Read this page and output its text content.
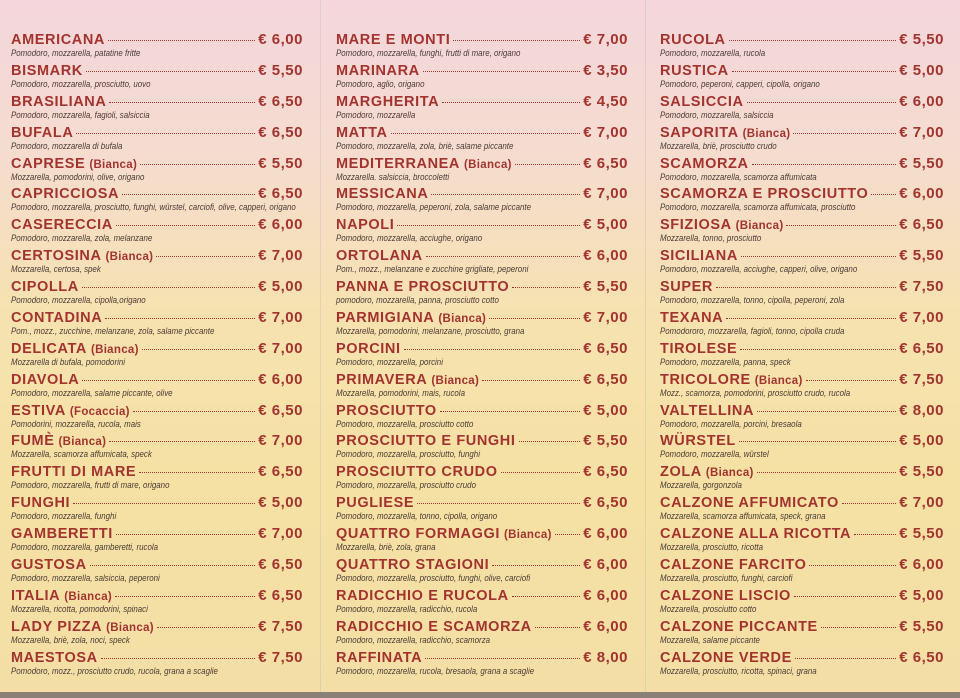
AMERICANA	€ 6,00
Pomodoro, mozzarella, patatine fritte
BISMARK	€ 5,50
Pomodoro, mozzarella, prosciutto, uovo
BRASILIANA	€ 6,50
Pomodoro, mozzarella, fagioli, salsiccia
BUFALA	€ 6,50
Pomodoro, mozzarella di bufala
CAPRESE (Bianca)	€ 5,50
Mozzarella, pomodorini, olive, origano
CAPRICCIOSA	€ 6,50
Pomodoro, mozzarella, prosciutto, funghi, würstel, carciofi, olive, capperi, origano
CASERECCIA	€ 6,00
Pomodoro, mozzarella, zola, melanzane
CERTOSINA (Bianca)	€ 7,00
Mozzarella, certosa, spek
CIPOLLA	€ 5,00
Pomodoro, mozzarella, cipolla,origano
CONTADINA	€ 7,00
Pom., mozz., zucchine, melanzane, zola, salame piccante
DELICATA (Bianca)	€ 7,00
Mozzarella di bufala, pomodorini
DIAVOLA	€ 6,00
Pomodoro, mozzarella, salame piccante, olive
ESTIVA (Focaccia)	€ 6,50
Pomodorini, mozzarella, rucola, mais
FUMÈ (Bianca)	€ 7,00
Mozzarella, scamorza affumicata, speck
FRUTTI DI MARE	€ 6,50
Pomodoro, mozzarella, frutti di mare, origano
FUNGHI	€ 5,00
Pomodoro, mozzarella, funghi
GAMBERETTI	€ 7,00
Pomodoro, mozzarella, gamberetti, rucola
GUSTOSA	€ 6,50
Pomodoro, mozzarella, salsiccia, peperoni
ITALIA (Bianca)	€ 6,50
Mozzarella, ricotta, pomodorini, spinaci
LADY PIZZA (Bianca)	€ 7,50
Mozzarella, briè, zola, noci, speck
MAESTOSA	€ 7,50
Pomodoro, mozz., prosciutto crudo, rucola, grana a scaglie
MARE E MONTI	€ 7,00
Pomodoro, mozzarella, funghi, frutti di mare, origano
MARINARA	€ 3,50
Pomodoro, aglio, origano
MARGHERITA	€ 4,50
Pomodoro, mozzarella
MATTA	€ 7,00
Pomodoro, mozzarella, zola, briè, salame piccante
MEDITERRANEA (Bianca)	€ 6,50
Mozzarella. salsiccia, broccoletti
MESSICANA	€ 7,00
Pomodoro, mozzarella, peperoni, zola, salame piccante
NAPOLI	€ 5,00
Pomodoro, mozzarella, acciughe, origano
ORTOLANA	€ 6,00
Pom., mozz., melanzane e zucchine grigliate, peperoni
PANNA E PROSCIUTTO	€ 5,50
pomodoro, mozzarella, panna, prosciutto cotto
PARMIGIANA (Bianca)	€ 7,00
Mozzarella, pomodorini, melanzane, prosciutto, grana
PORCINI	€ 6,50
Pomodoro, mozzarella, porcini
PRIMAVERA (Bianca)	€ 6,50
Mozzarella, pomodorini, mais, rucola
PROSCIUTTO	€ 5,00
Pomodoro, mozzarella, prosciutto cotto
PROSCIUTTO E FUNGHI	€ 5,50
Pomodoro, mozzarella, prosciutto, funghi
PROSCIUTTO CRUDO	€ 6,50
Pomodoro, mozzarella, prosciutto crudo
PUGLIESE	€ 6,50
Pomodoro, mozzarella, tonno, cipolla, origano
QUATTRO FORMAGGI (Bianca) € 6,00
Mozzarella, briè, zola, grana
QUATTRO STAGIONI	€ 6,00
Pomodoro, mozzarella, prosciutto, funghi, olive, carciofi
RADICCHIO E RUCOLA	€ 6,00
Pomodoro, mozzarella, radicchio, rucola
RADICCHIO E SCAMORZA	€ 6,00
Pomodoro, mozzarella, radicchio, scamorza
RAFFINATA	€ 8,00
Pomodoro, mozzarella, rucola, bresaola, grana a scaglie
RUCOLA	€ 5,50
Pomodoro, mozzarella, rucola
RUSTICA	€ 5,00
Pomodoro, peperoni, capperi, cipolla, origano
SALSICCIA	€ 6,00
Pomodoro, mozzarella, salsiccia
SAPORITA (Bianca)	€ 7,00
Mozzarella, briè, prosciutto crudo
SCAMORZA	€ 5,50
Pomodoro, mozzarella, scamorza affumicata
SCAMORZA E PROSCIUTTO € 6,00
Pomodoro, mozzarella, scamorza affumicata, prosciutto
SFIZIOSA (Bianca)	€ 6,50
Mozzarella, tonno, prosciutto
SICILIANA	€ 5,50
Pomodoro, mozzarella, acciughe, capperi, olive, origano
SUPER	€ 7,50
Pomodoro, mozzarella, tonno, cipolla, peperoni, zola
TEXANA	€ 7,00
Pomodororo, mozzarella, fagioli, tonno, cipolla cruda
TIROLESE	€ 6,50
Pomodoro, mozzarella, panna, speck
TRICOLORE (Bianca)	€ 7,50
Mozz., scamorza, pomodorini, prosciutto crudo, rucola
VALTELLINA	€ 8,00
Pomodoro, mozzarella, porcini, bresaola
WÜRSTEL	€ 5,00
Pomodoro, mozzarella, würstel
ZOLA (Bianca)	€ 5,50
Mozzarella, gorgonzola
CALZONE AFFUMICATO	€ 7,00
Mozzarella, scamorza affumicata, speck, grana
CALZONE ALLA RICOTTA	€ 5,50
Mozzarella, prosciutto, ricotta
CALZONE FARCITO	€ 6,00
Mozzarella, prosciutto, funghi, carciofi
CALZONE LISCIO	€ 5,00
Mozzarella, prosciutto cotto
CALZONE PICCANTE	€ 5,50
Mozzarella, salame piccante
CALZONE VERDE	€ 6,50
Mozzarella, prosciutto, ricotta, spinaci, grana
